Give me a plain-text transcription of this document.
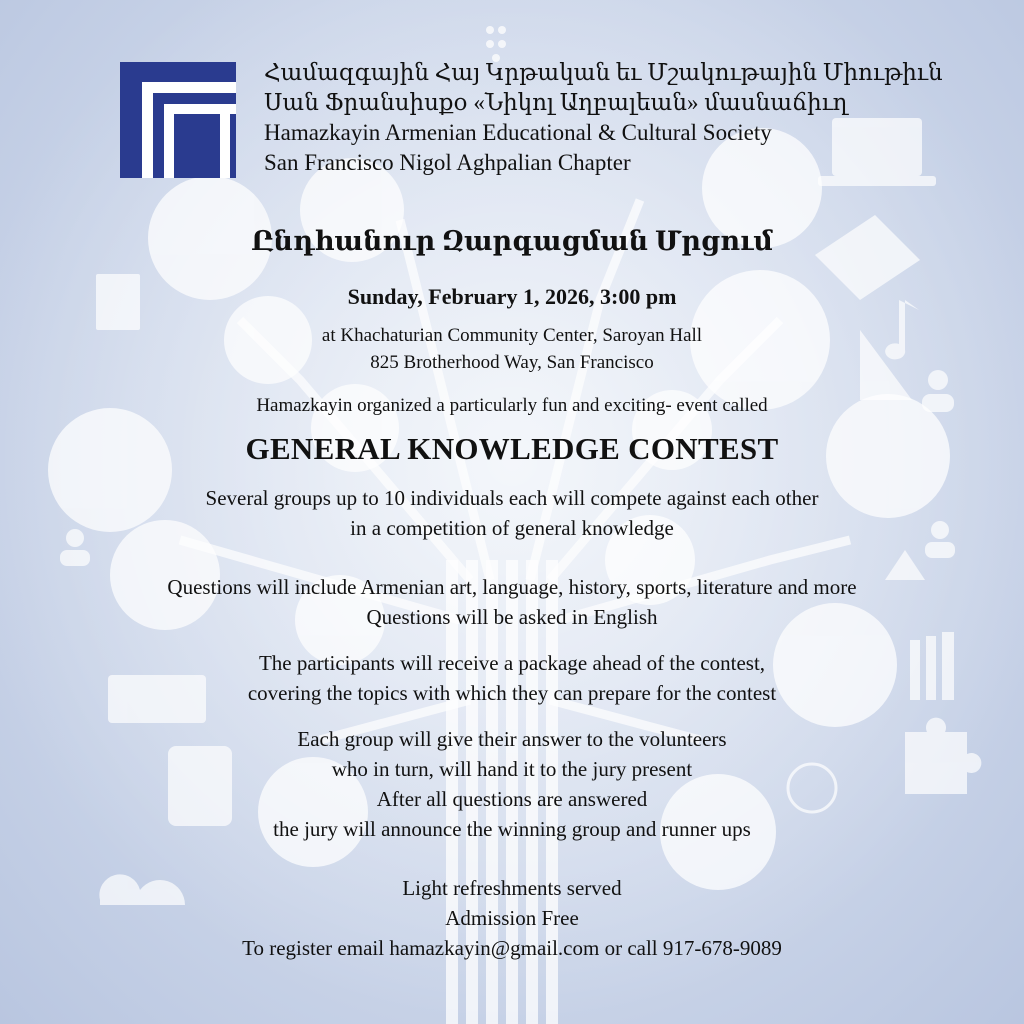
Համազգային Հայ Կրթական եւ Մշակութային Միութիւն
Սան Ֆրանսիսքօ «Նիկոլ Աղբալեան» մասնաճիւղ
Hamazkayin Armenian Educational & Cultural Society
San Francisco Nigol Aghpalian Chapter
Ընդհանուր Զարգացման Մրցում
Sunday, February 1, 2026, 3:00 pm
at Khachaturian Community Center, Saroyan Hall
825 Brotherhood Way, San Francisco
Hamazkayin organized a particularly fun and exciting- event called
GENERAL KNOWLEDGE CONTEST
Several groups up to 10 individuals each will compete against each other
in a competition of general knowledge
Questions will include Armenian art, language, history, sports, literature and more
Questions will be asked in English
The participants will receive a package ahead of the contest,
covering the topics with which they can prepare for the contest
Each group will give their answer to the volunteers
who in turn, will hand it to the jury present
After all questions are answered
the jury will announce the winning group and runner ups
Light refreshments served
Admission Free
To register email hamazkayin@gmail.com or call 917-678-9089
